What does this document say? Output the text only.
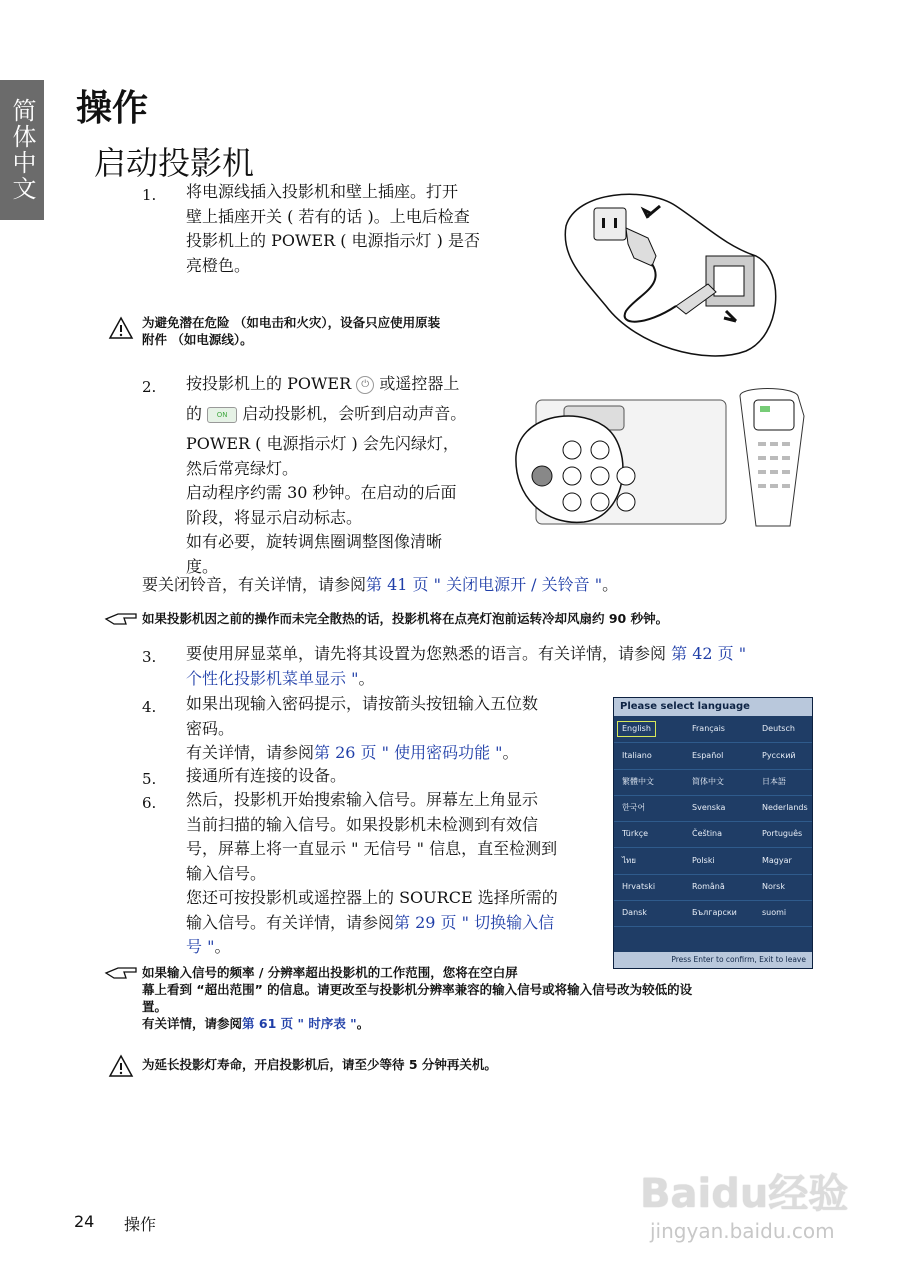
简体中文 操作
启动投影机
1. 将电源线插入投影机和壁上插座。打开
壁上插座开关 ( 若有的话 )。上电后检查
投影机上的 POWER ( 电源指示灯 ) 是否
亮橙色。
为避免潜在危险 （如电击和火灾），设备只应使用原装
附件 （如电源线）。
2. 按投影机上的 POWER ⏻ 或遥控器上
的 ON 启动投影机，会听到启动声音。
POWER ( 电源指示灯 ) 会先闪绿灯，
然后常亮绿灯。
启动程序约需 30 秒钟。在启动的后面
阶段，将显示启动标志。
如有必要，旋转调焦圈调整图像清晰
度。
要关闭铃音，有关详情，请参阅第 41 页 " 关闭电源开 / 关铃音 "。
如果投影机因之前的操作而未完全散热的话，投影机将在点亮灯泡前运转冷却风扇约 90 秒钟。
3. 要使用屏显菜单，请先将其设置为您熟悉的语言。有关详情，请参阅 第 42 页 "
个性化投影机菜单显示 "。
4. 如果出现输入密码提示，请按箭头按钮输入五位数
密码。
有关详情，请参阅第 26 页 " 使用密码功能 "。
5. 接通所有连接的设备。
6. 然后，投影机开始搜索输入信号。屏幕左上角显示
当前扫描的输入信号。如果投影机未检测到有效信
号，屏幕上将一直显示 " 无信号 " 信息，直至检测到
输入信号。
您还可按投影机或遥控器上的 SOURCE 选择所需的
输入信号。有关详情，请参阅第 29 页 " 切换输入信
号 "。
Please select language
English	Français	Deutsch
Italiano	Español	Русский
繁體中文	简体中文	日本語
한국어	Svenska	Nederlands
Türkçe	Čeština	Português
ไทย	Polski	Magyar
Hrvatski	Română	Norsk
Dansk	Български	suomi
Press Enter to confirm, Exit to leave
如果输入信号的频率 / 分辨率超出投影机的工作范围，您将在空白屏
幕上看到 “超出范围” 的信息。请更改至与投影机分辨率兼容的输入信号或将输入信号改为较低的设
置。
有关详情，请参阅第 61 页 " 时序表 "。
为延长投影灯寿命，开启投影机后，请至少等待 5 分钟再关机。
24 操作
Baidu经验
jingyan.baidu.com
